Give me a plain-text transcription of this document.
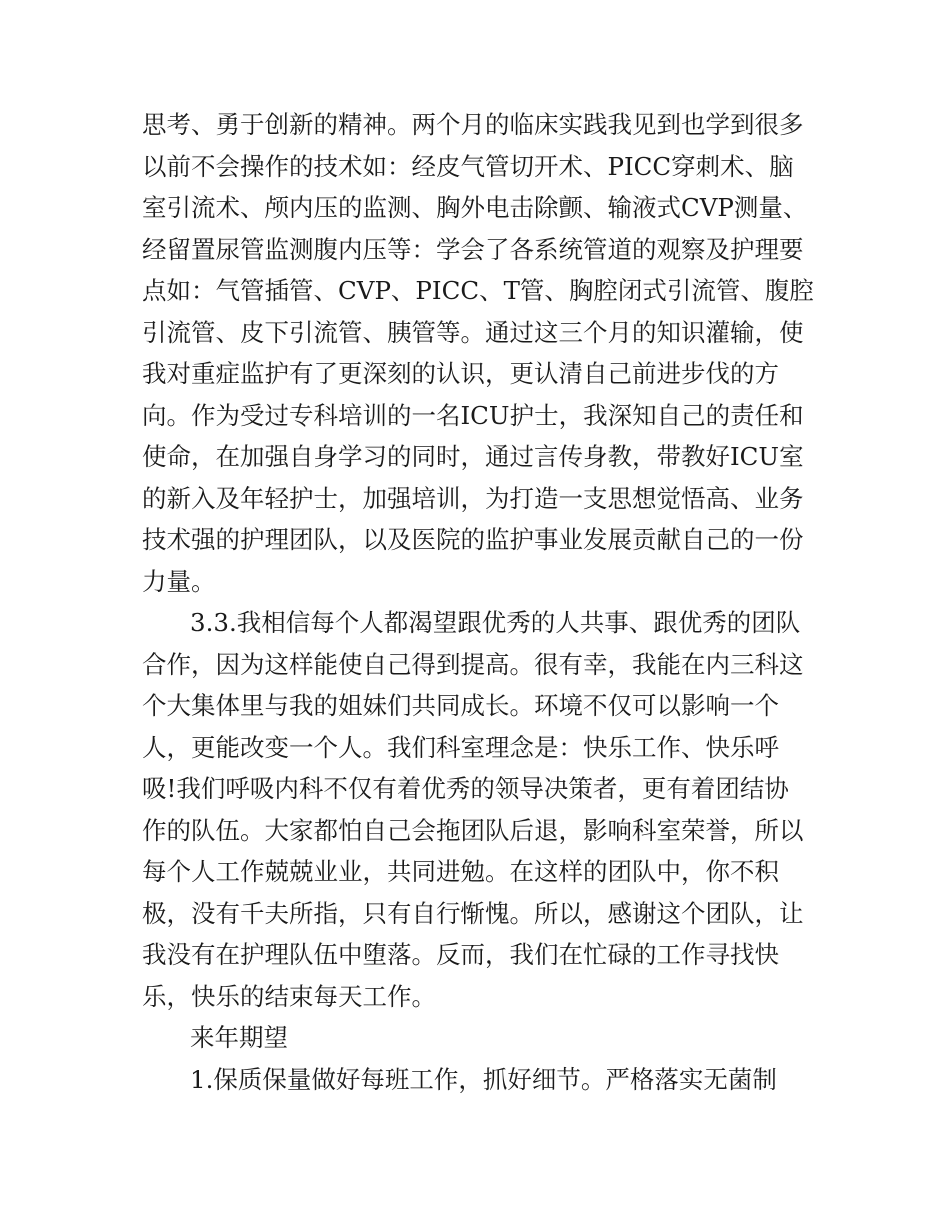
思考、勇于创新的精神。两个月的临床实践我见到也学到很多
以前不会操作的技术如：经皮气管切开术、PICC穿刺术、脑
室引流术、颅内压的监测、胸外电击除颤、输液式CVP测量、
经留置尿管监测腹内压等：学会了各系统管道的观察及护理要
点如：气管插管、CVP、PICC、T管、胸腔闭式引流管、腹腔
引流管、皮下引流管、胰管等。通过这三个月的知识灌输，使
我对重症监护有了更深刻的认识，更认清自己前进步伐的方
向。作为受过专科培训的一名ICU护士，我深知自己的责任和
使命，在加强自身学习的同时，通过言传身教，带教好ICU室
的新入及年轻护士，加强培训，为打造一支思想觉悟高、业务
技术强的护理团队，以及医院的监护事业发展贡献自己的一份
力量。
3.3.我相信每个人都渴望跟优秀的人共事、跟优秀的团队
合作，因为这样能使自己得到提高。很有幸，我能在内三科这
个大集体里与我的姐妹们共同成长。环境不仅可以影响一个
人，更能改变一个人。我们科室理念是：快乐工作、快乐呼
吸!我们呼吸内科不仅有着优秀的领导决策者，更有着团结协
作的队伍。大家都怕自己会拖团队后退，影响科室荣誉，所以
每个人工作兢兢业业，共同进勉。在这样的团队中，你不积
极，没有千夫所指，只有自行惭愧。所以，感谢这个团队，让
我没有在护理队伍中堕落。反而，我们在忙碌的工作寻找快
乐，快乐的结束每天工作。
来年期望
1.保质保量做好每班工作，抓好细节。严格落实无菌制
